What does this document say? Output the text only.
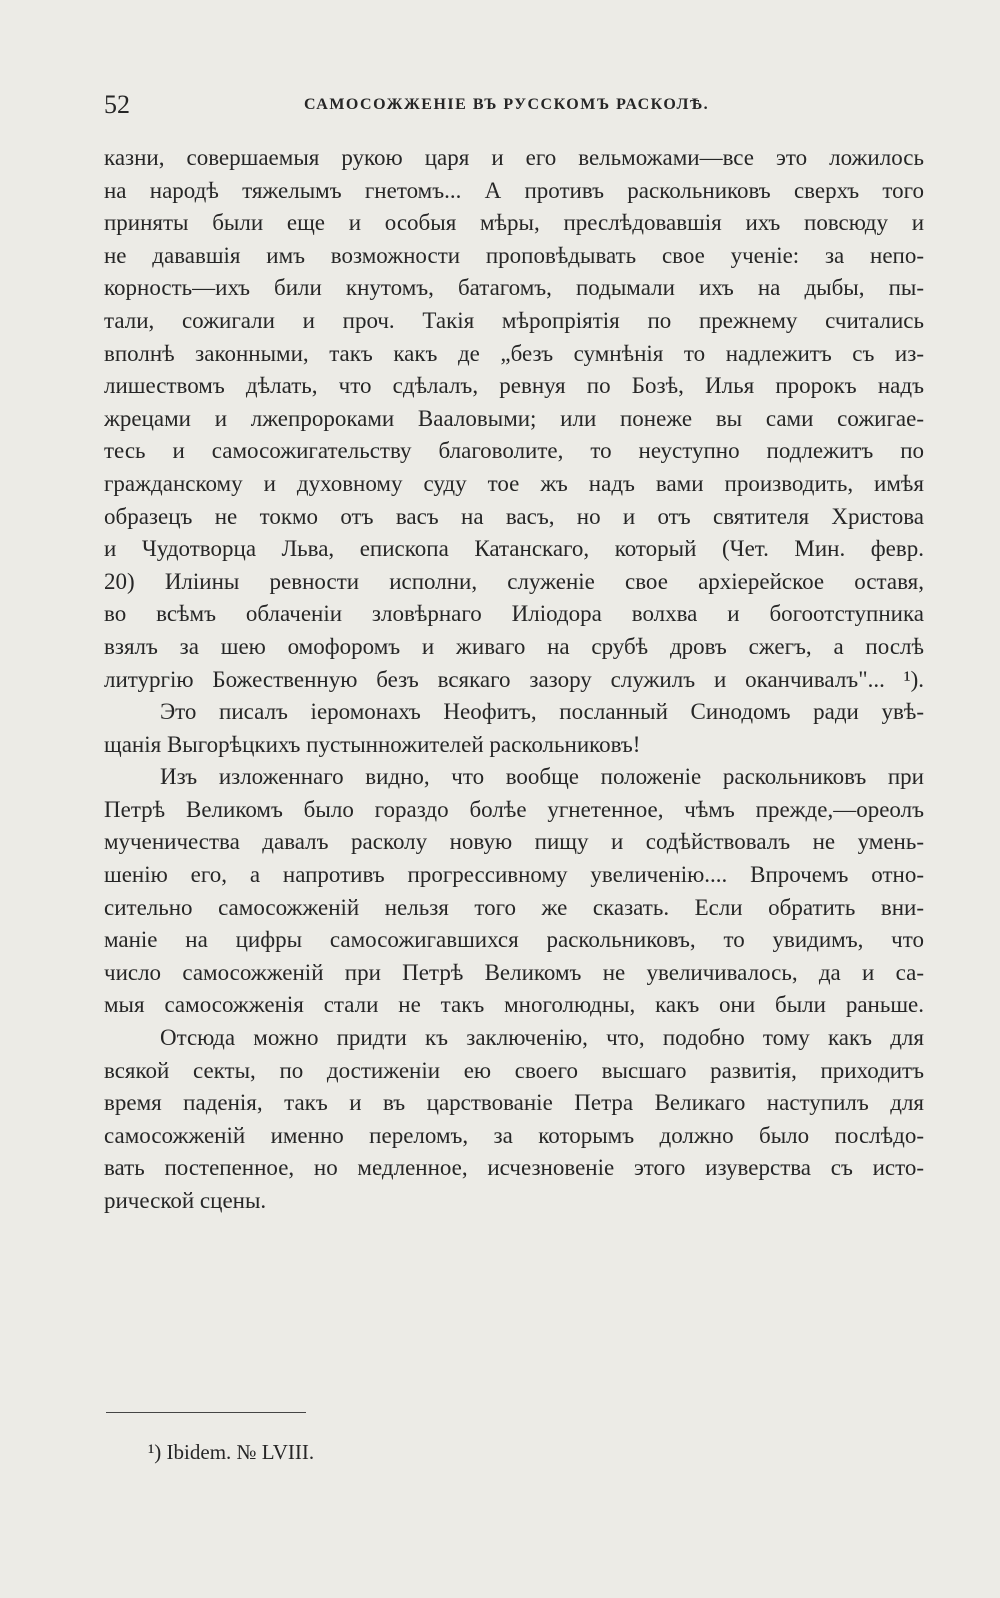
52	САМОСОЖЖЕНІЕ ВЪ РУССКОМЪ РАСКОЛѢ.
казни, совершаемыя рукою царя и его вельможами—все это ложилось
на народѣ тяжелымъ гнетомъ... А противъ раскольниковъ сверхъ того
приняты были еще и особыя мѣры, преслѣдовавшія ихъ повсюду и
не дававшія имъ возможности проповѣдывать свое ученіе: за непо-
корность—ихъ били кнутомъ, батагомъ, подымали ихъ на дыбы, пы-
тали, сожигали и проч. Такія мѣропріятія по прежнему считались
вполнѣ законными, такъ какъ де „безъ сумнѣнія то надлежитъ съ из-
лишествомъ дѣлать, что сдѣлалъ, ревнуя по Бозѣ, Илья пророкъ надъ
жрецами и лжепророками Вааловыми; или понеже вы сами сожигае-
тесь и самосожигательству благоволите, то неуступно подлежитъ по
гражданскому и духовному суду тое жъ надъ вами производить, имѣя
образецъ не токмо отъ васъ на васъ, но и отъ святителя Христова
и Чудотворца Льва, епископа Катанскаго, который (Чет. Мин. февр.
20) Илiины ревности исполни, служеніе свое архіерейское оставя,
во всѣмъ облаченіи зловѣрнаго Иліодора волхва и богоотступника
взялъ за шею омофоромъ и живаго на срубѣ дровъ сжегъ, а послѣ
литургію Божественную безъ всякаго зазору служилъ и оканчивалъ"... ¹).
Это писалъ іеромонахъ Неофитъ, посланный Синодомъ ради увѣ-
щанія Выгорѣцкихъ пустынножителей раскольниковъ!
Изъ изложеннаго видно, что вообще положеніе раскольниковъ при
Петрѣ Великомъ было гораздо болѣе угнетенное, чѣмъ прежде,—ореолъ
мученичества давалъ расколу новую пищу и содѣйствовалъ не умень-
шенію его, а напротивъ прогрессивному увеличенію.... Впрочемъ отно-
сительно самосожженій нельзя того же сказать. Если обратить вни-
маніе на цифры самосожигавшихся раскольниковъ, то увидимъ, что
число самосожженій при Петрѣ Великомъ не увеличивалось, да и са-
мыя самосожженія стали не такъ многолюдны, какъ они были раньше.
Отсюда можно придти къ заключенію, что, подобно тому какъ для
всякой секты, по достиженіи ею своего высшаго развитія, приходитъ
время паденія, такъ и въ царствованіе Петра Великаго наступилъ для
самосожженій именно переломъ, за которымъ должно было послѣдо-
вать постепенное, но медленное, исчезновеніе этого изуверства съ исто-
рической сцены.
¹) Ibidem. № LVIII.
